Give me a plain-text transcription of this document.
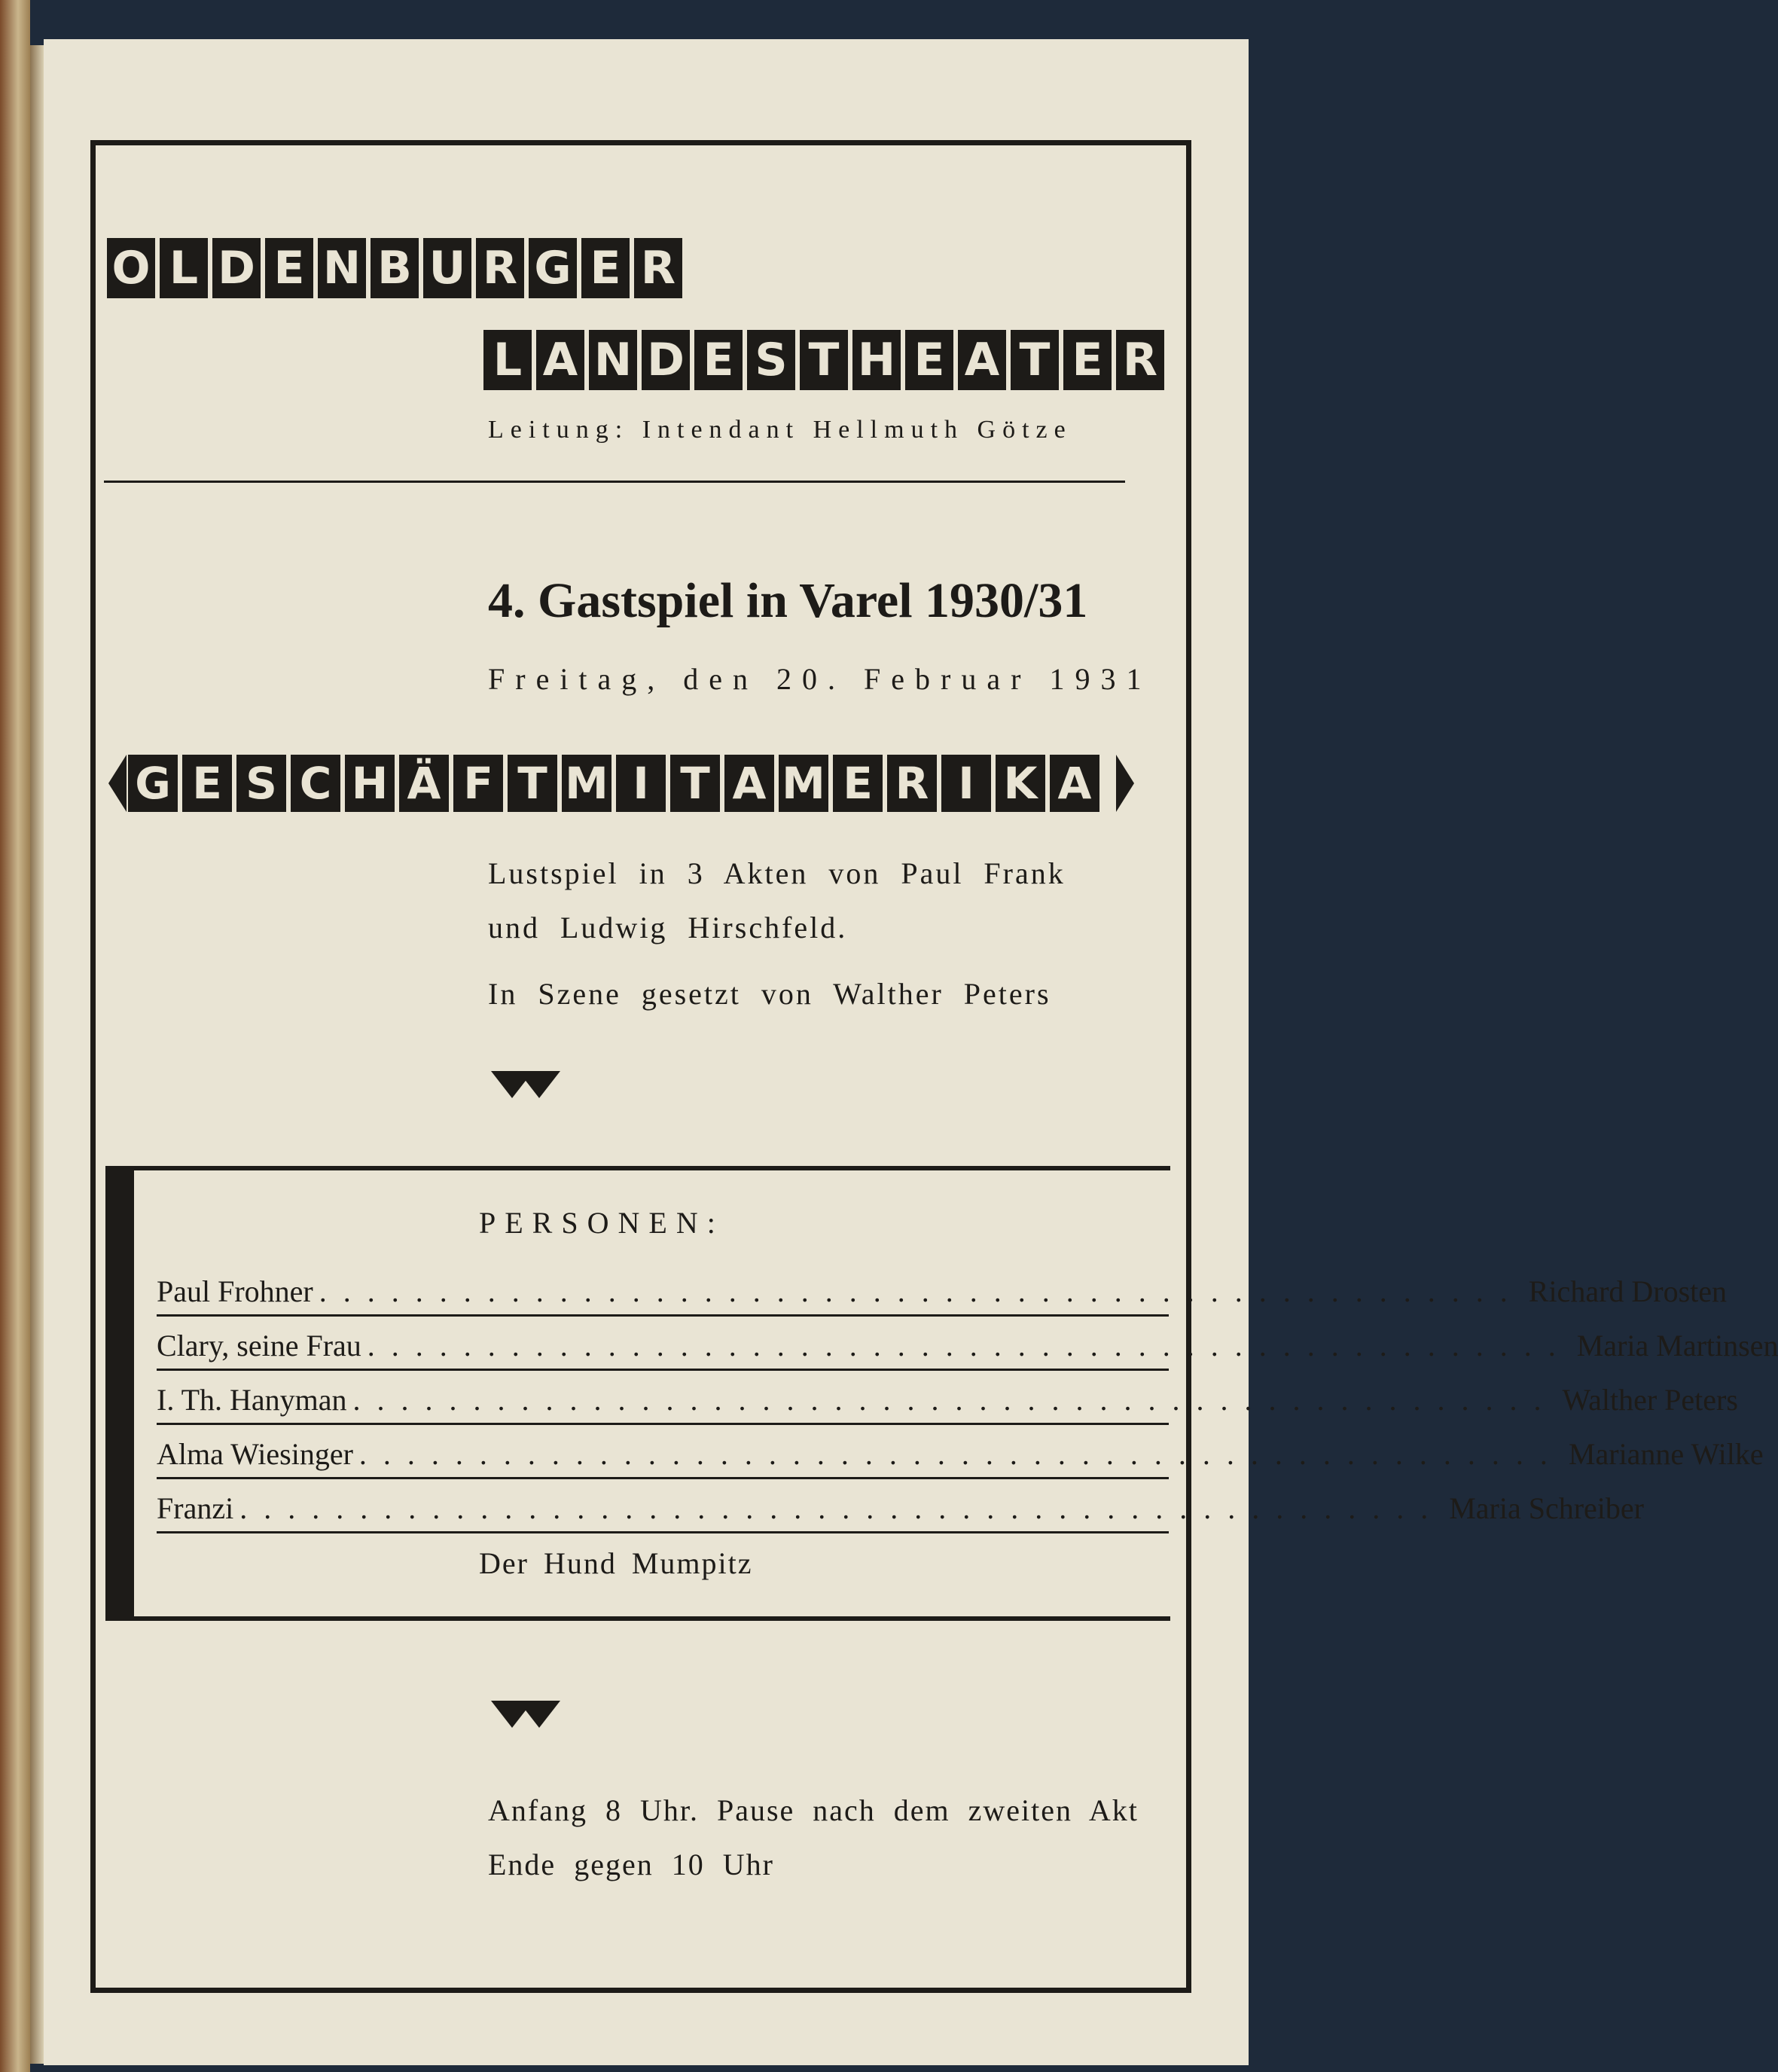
O L D E N B U R G E R
L A N D E S T H E A T E R
Leitung: Intendant Hellmuth Götze
4. Gastspiel in Varel 1930/31
Freitag, den 20. Februar 1931
G E S C H Ä F T M I T A M E R I K A
Lustspiel in 3 Akten von Paul Frank
und Ludwig Hirschfeld.
In Szene gesetzt von Walther Peters
PERSONEN:
Paul Frohner .................................................. Richard Drosten
Clary, seine Frau .................................................. Maria Martinsen
I. Th. Hanyman .................................................. Walther Peters
Alma Wiesinger .................................................. Marianne Wilke
Franzi .................................................. Maria Schreiber
Der Hund Mumpitz
Anfang 8 Uhr. Pause nach dem zweiten Akt
Ende gegen 10 Uhr
